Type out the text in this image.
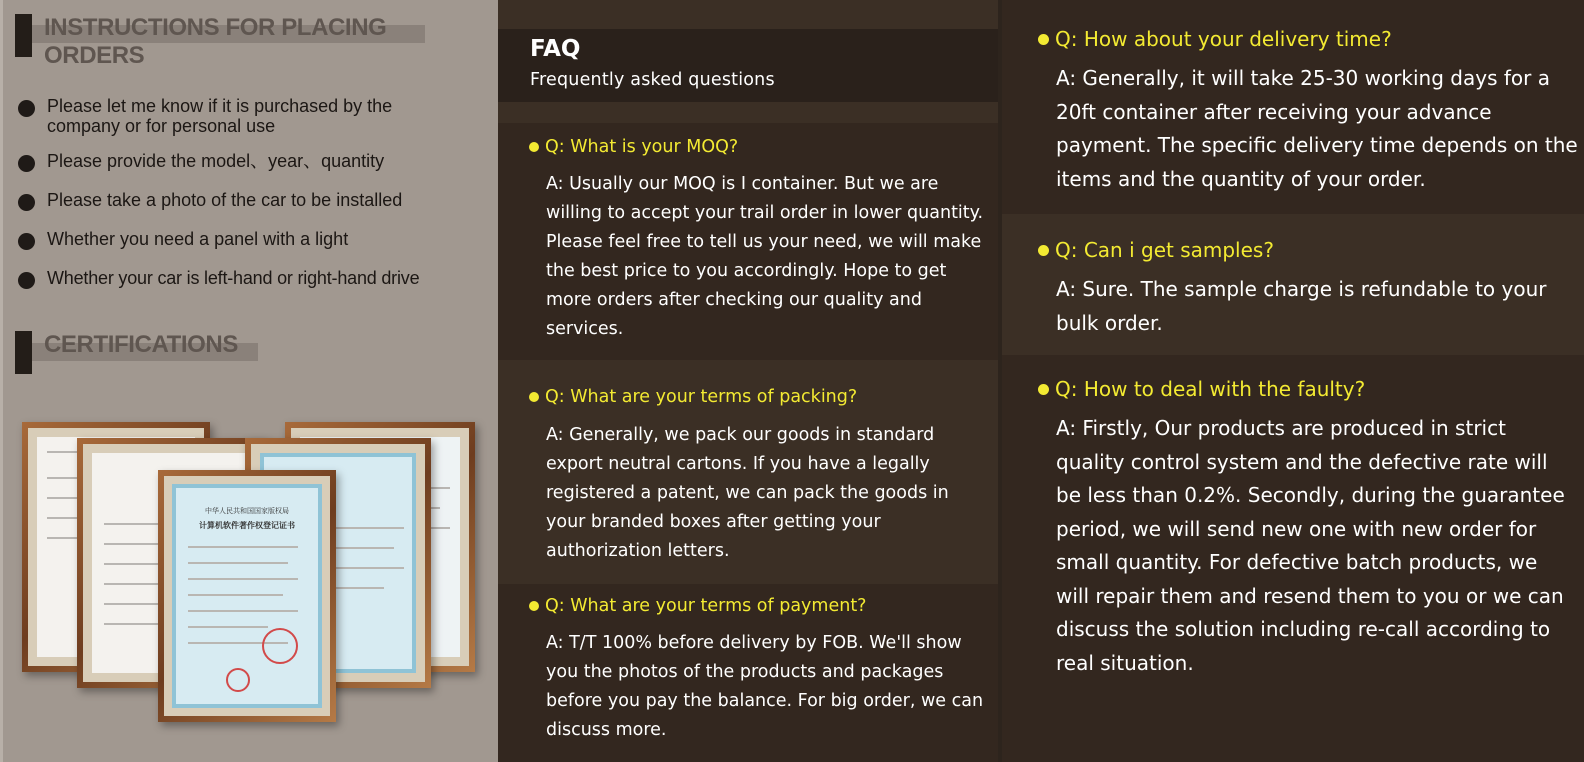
INSTRUCTIONS FOR PLACING ORDERS
Please let me know if it is purchased by the company or for personal use
Please provide the model、year、quantity
Please take a photo of the car to be installed
Whether you need a panel with a light
Whether your car is left-hand or right-hand drive
CERTIFICATIONS
中华人民共和国国家版权局
计算机软件著作权登记证书
FAQ
Frequently asked questions
Q: What is your MOQ?
A: Usually our MOQ is I container. But we are willing to accept your trail order in lower quantity. Please feel free to tell us your need, we will make the best price to you accordingly. Hope to get more orders after checking our quality and services.
Q: What are your terms of packing?
A: Generally, we pack our goods in standard export neutral cartons. If you have a legally registered a patent, we can pack the goods in your branded boxes after getting your authorization letters.
Q: What are your terms of payment?
A: T/T 100% before delivery by FOB. We'll show you the photos of the products and packages before you pay the balance. For big order, we can discuss more.
Q: How about your delivery time?
A: Generally, it will take 25-30 working days for a 20ft container after receiving your advance payment. The specific delivery time depends on the items and the quantity of your order.
Q: Can i get samples?
A: Sure. The sample charge is refundable to your bulk order.
Q: How to deal with the faulty?
A: Firstly, Our products are produced in strict quality control system and the defective rate will be less than 0.2%. Secondly, during the guarantee period, we will send new one with new order for small quantity. For defective batch products, we will repair them and resend them to you or we can discuss the solution including re-call according to real situation.
